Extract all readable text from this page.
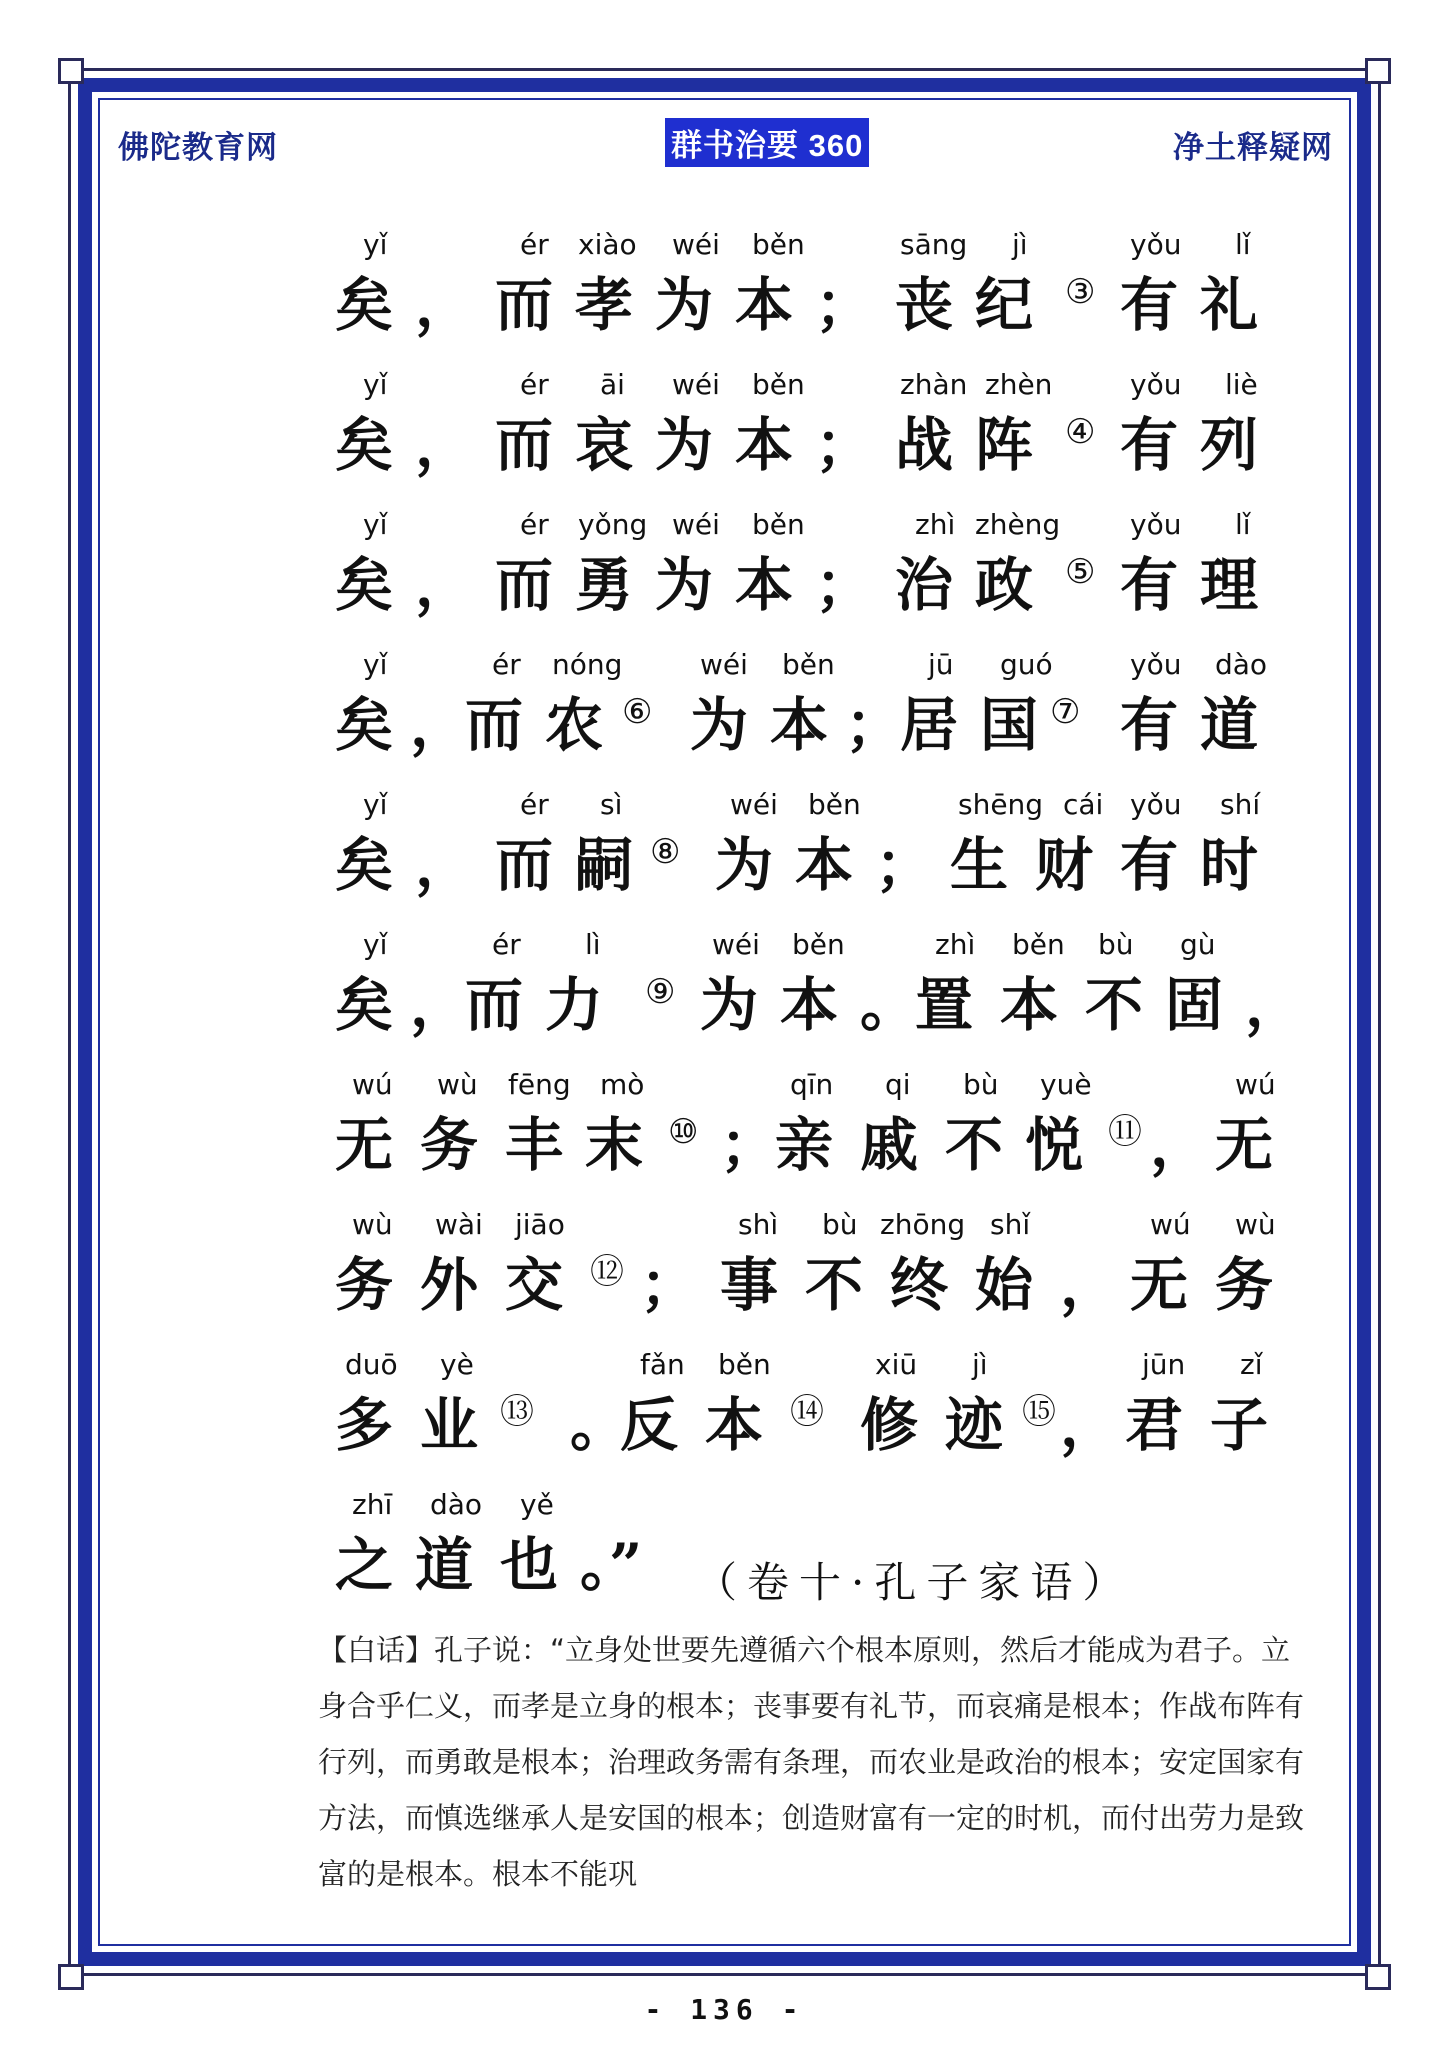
佛陀教育网	群书治要 360	净土释疑网
yǐ	ér xiào wéi běn	sāng jì	yǒu lǐ
矣 ， 而 孝 为 本 ； 丧 纪 有 礼
③
yǐ	ér āi wéi běn	zhàn zhèn	yǒu liè
矣 ， 而 哀 为 本 ； 战 阵 有 列
④
yǐ	ér yǒng wéi běn	zhì zhèng yǒu lǐ
矣 ， 而 勇 为 本 ； 治 政 有 理
⑤
yǐ	ér nóng	wéi běn	jū guó	yǒu dào
矣 ，
而 农 为 本 ；
居 国 有 道
⑥	⑦
yǐ	ér sì	wéi běn	shēng cái yǒu shí
矣 ， 而 嗣 为 本 ； 生 财 有 时
⑧
yǐ	ér lì	wéi běn	zhì běn bù gù
矣 ，
而 力 为 本 。
置 本 不 固 ，
⑨
wú wù fēng mò	qīn qi bù yuè	wú
无 务 丰 末 ；
亲 戚 不 悦 ， 无
⑩	⑪
wù wài jiāo	shì bù zhōng shǐ	wú wù
务 外 交 ； 事 不 终 始 ， 无 务
⑫
duō yè	fǎn běn	xiū jì	jūn zǐ
多 业 。
反 本 修 迹 ， 君 子
⑬	⑭	⑮
zhī dào yě
之 道 也 。” （卷十·孔子家语）
【白话】孔子说：“立身处世要先遵循六个根本原则，然后才能成为君子。立身合乎仁义，而孝是立身的根本；丧事要有礼节，而哀痛是根本；作战布阵有行列，而勇敢是根本；治理政务需有条理，而农业是政治的根本；安定国家有方法，而慎选继承人是安国的根本；创造财富有一定的时机，而付出劳力是致富的是根本。根本不能巩
- 136 -
